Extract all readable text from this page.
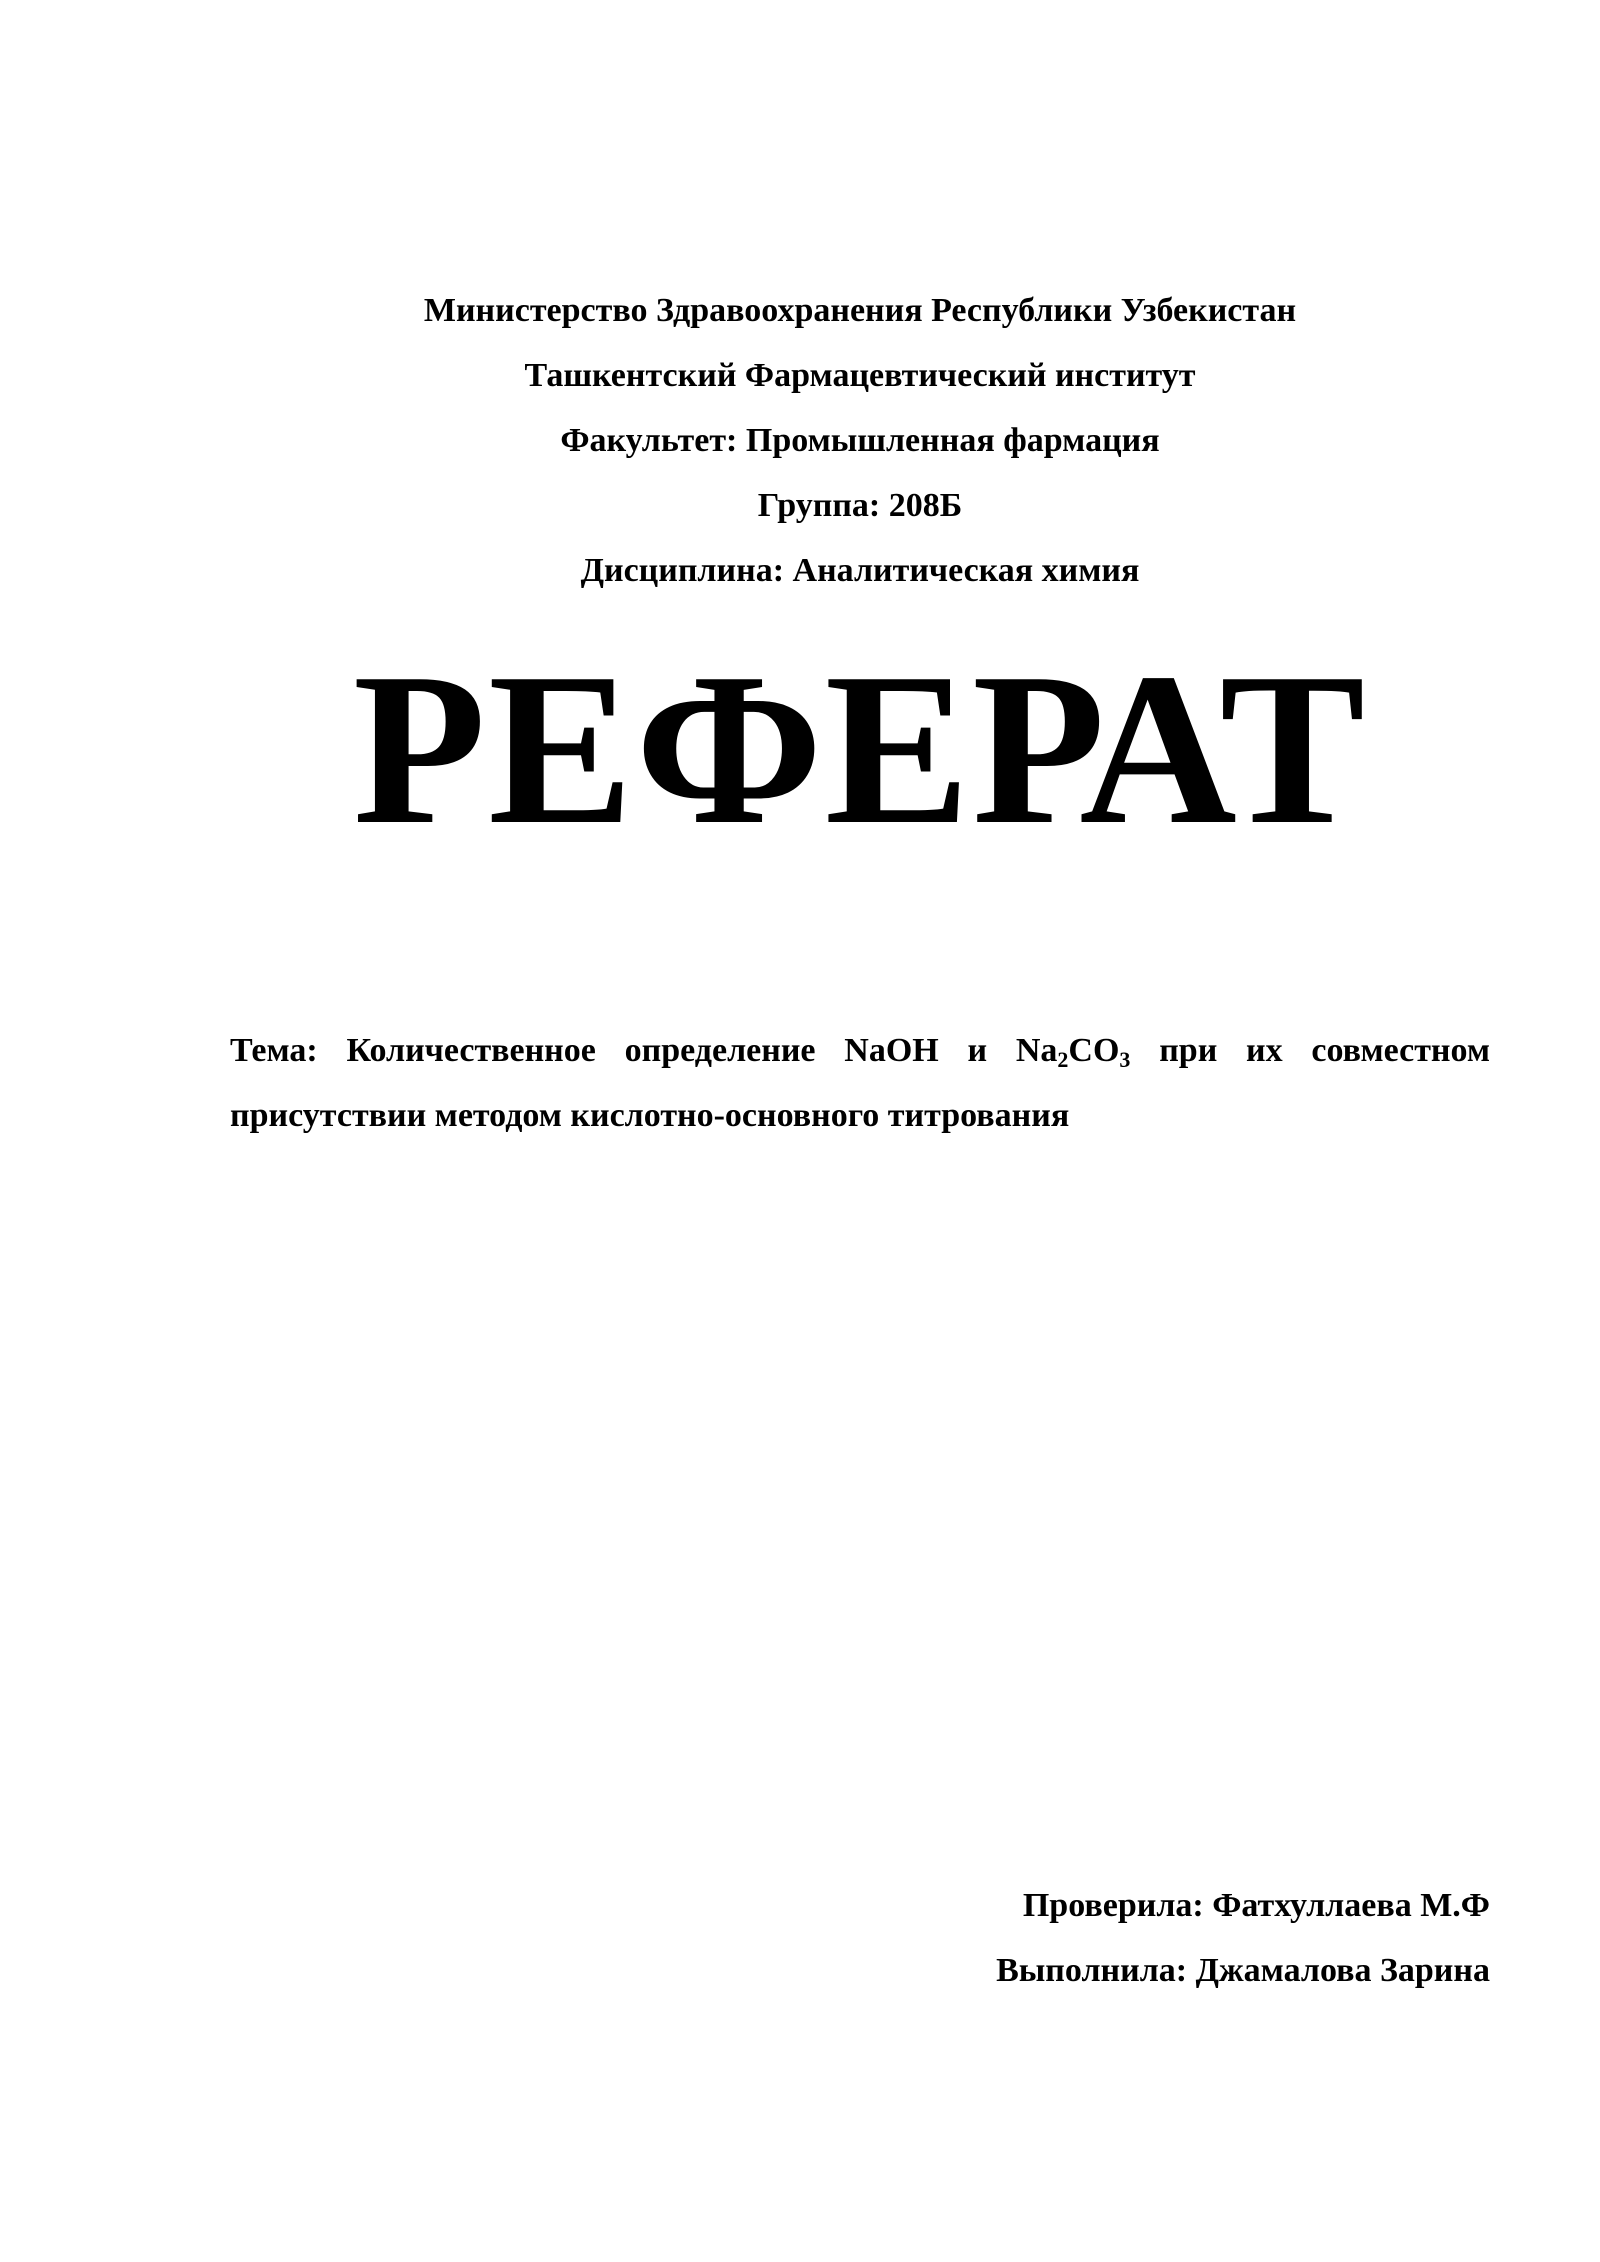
Министерство Здравоохранения Республики Узбекистан

Ташкентский Фармацевтический институт

Факультет: Промышленная фармация

Группа: 208Б

Дисциплина: Аналитическая химия

РЕФЕРАТ

Тема: Количественное определение NaOH и $Na_2CO_3$ при их совместном присутствии методом кислотно-основного титрования

Проверила: Фатхуллаева М.Ф

Выполнила: Джамалова Зарина
